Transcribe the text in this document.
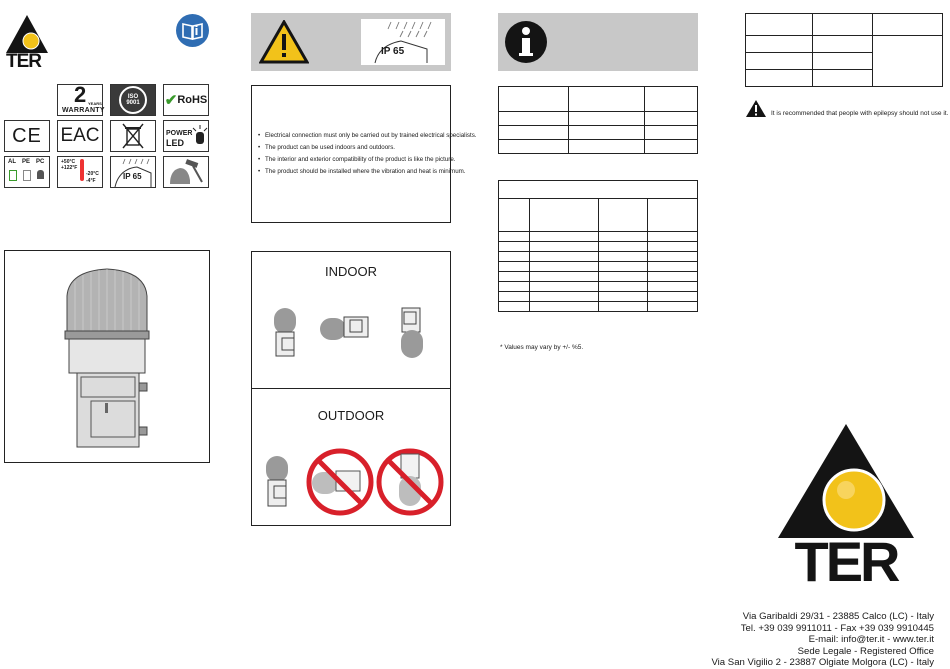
TER
2 YEARS
WARRANTY
ISO
9001 ✔ RoHS
CE EAC	POWER
LED
AL PE PC	+50°C
+122°F
-20°C
-4°F	IP 65
IP 65
• Electrical connection must only be carried out by trained electrical specialists.
• The product can be used indoors and outdoors.
• The interior and exterior compatibility of the product is like the picture.
• The product should be installed where the vibration and heat is minimum.
INDOOR
OUTDOOR

* Values may vary by +/- %5.

It is recommended that people with epilepsy should not use it.
TER
Via Garibaldi 29/31 - 23885 Calco (LC) - Italy
Tel. +39 039 9911011 - Fax +39 039 9910445
E-mail: info@ter.it - www.ter.it
Sede Legale - Registered Office
Via San Vigilio 2 - 23887 Olgiate Molgora (LC) - Italy
